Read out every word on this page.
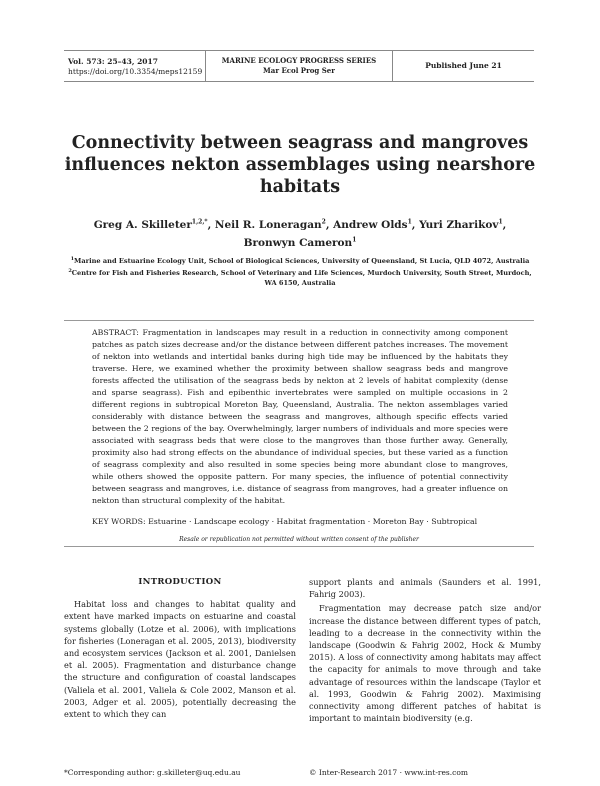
Vol. 573: 25–43, 2017
https://doi.org/10.3354/meps12159
MARINE ECOLOGY PROGRESS SERIES
Mar Ecol Prog Ser
Published June 21
Connectivity between seagrass and mangroves influences nekton assemblages using nearshore habitats
Greg A. Skilleter$^{1,2,*}$, Neil R. Loneragan$^2$, Andrew Olds$^1$, Yuri Zharikov$^1$,
Bronwyn Cameron$^1$
$^1$Marine and Estuarine Ecology Unit, School of Biological Sciences, University of Queensland, St Lucia, QLD 4072, Australia
$^2$Centre for Fish and Fisheries Research, School of Veterinary and Life Sciences, Murdoch University, South Street, Murdoch, WA 6150, Australia
ABSTRACT: Fragmentation in landscapes may result in a reduction in connectivity among component patches as patch sizes decrease and/or the distance between different patches increases. The movement of nekton into wetlands and intertidal banks during high tide may be influenced by the habitats they traverse. Here, we examined whether the proximity between shallow seagrass beds and mangrove forests affected the utilisation of the seagrass beds by nekton at 2 levels of habitat complexity (dense and sparse seagrass). Fish and epibenthic invertebrates were sampled on multiple occasions in 2 different regions in subtropical Moreton Bay, Queensland, Australia. The nekton assemblages varied considerably with distance between the seagrass and mangroves, although specific effects varied between the 2 regions of the bay. Overwhelmingly, larger numbers of individuals and more species were associated with seagrass beds that were close to the mangroves than those further away. Generally, proximity also had strong effects on the abundance of individual species, but these varied as a function of seagrass complexity and also resulted in some species being more abundant close to mangroves, while others showed the opposite pattern. For many species, the influence of potential connectivity between seagrass and mangroves, i.e. distance of seagrass from mangroves, had a greater influence on nekton than structural complexity of the habitat.
KEY WORDS: Estuarine · Landscape ecology · Habitat fragmentation · Moreton Bay · Subtropical
Resale or republication not permitted without written consent of the publisher
INTRODUCTION

Habitat loss and changes to habitat quality and extent have marked impacts on estuarine and coastal systems globally (Lotze et al. 2006), with implications for fisheries (Loneragan et al. 2005, 2013), biodiversity and ecosystem services (Jackson et al. 2001, Danielsen et al. 2005). Fragmentation and disturbance change the structure and configuration of coastal landscapes (Valiela et al. 2001, Valiela & Cole 2002, Manson et al. 2003, Adger et al. 2005), potentially decreasing the extent to which they can

support plants and animals (Saunders et al. 1991, Fahrig 2003).

Fragmentation may decrease patch size and/or increase the distance between different types of patch, leading to a decrease in the connectivity within the landscape (Goodwin & Fahrig 2002, Hock & Mumby 2015). A loss of connectivity among habitats may affect the capacity for animals to move through and take advantage of resources within the landscape (Taylor et al. 1993, Goodwin & Fahrig 2002). Maximising connectivity among different patches of habitat is important to maintain biodiversity (e.g.

*Corresponding author: g.skilleter@uq.edu.au	© Inter-Research 2017 · www.int-res.com
